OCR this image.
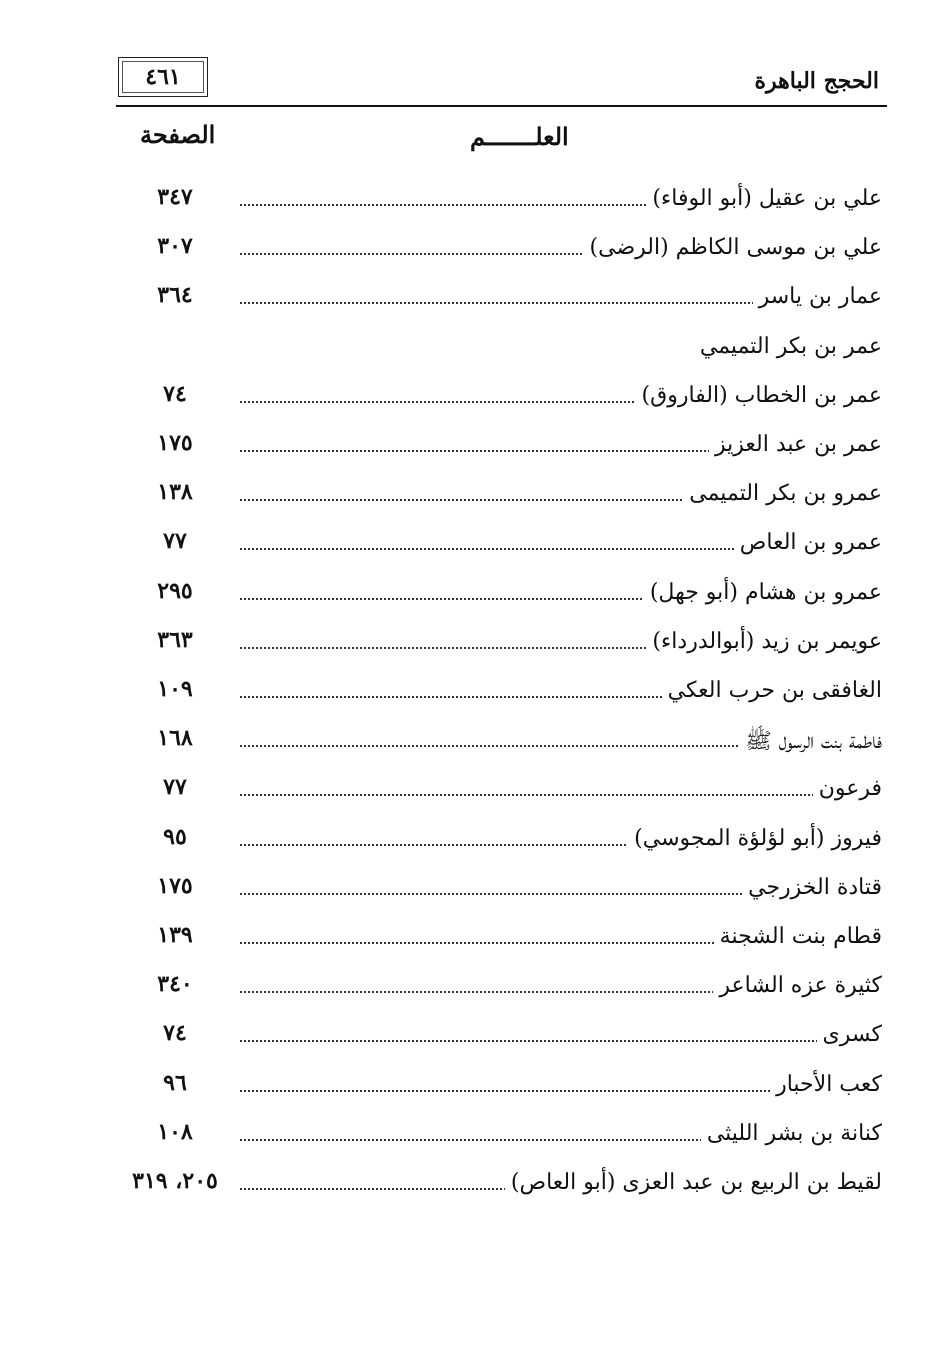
الحجج الباهرة
٤٦١
العلـــــــم
الصفحة
علي بن عقيل (أبو الوفاء)
٣٤٧
علي بن موسى الكاظم (الرضى)
٣٠٧
عمار بن ياسر
٣٦٤
عمر بن بكر التميمي
عمر بن الخطاب (الفاروق)
٧٤
عمر بن عبد العزيز
١٧٥
عمرو بن بكر التميمى
١٣٨
عمرو بن العاص
٧٧
عمرو بن هشام (أبو جهل)
٢٩٥
عويمر بن زيد (أبوالدرداء)
٣٦٣
الغافقى بن حرب العكي
١٠٩
فاطمة بنت الرسول ﷺ
١٦٨
فرعون
٧٧
فيروز (أبو لؤلؤة المجوسي)
٩٥
قتادة الخزرجي
١٧٥
قطام بنت الشجنة
١٣٩
كثيرة عزه الشاعر
٣٤٠
كسرى
٧٤
كعب الأحبار
٩٦
كنانة بن بشر الليثى
١٠٨
لقيط بن الربيع بن عبد العزى (أبو العاص)
٢٠٥، ٣١٩
